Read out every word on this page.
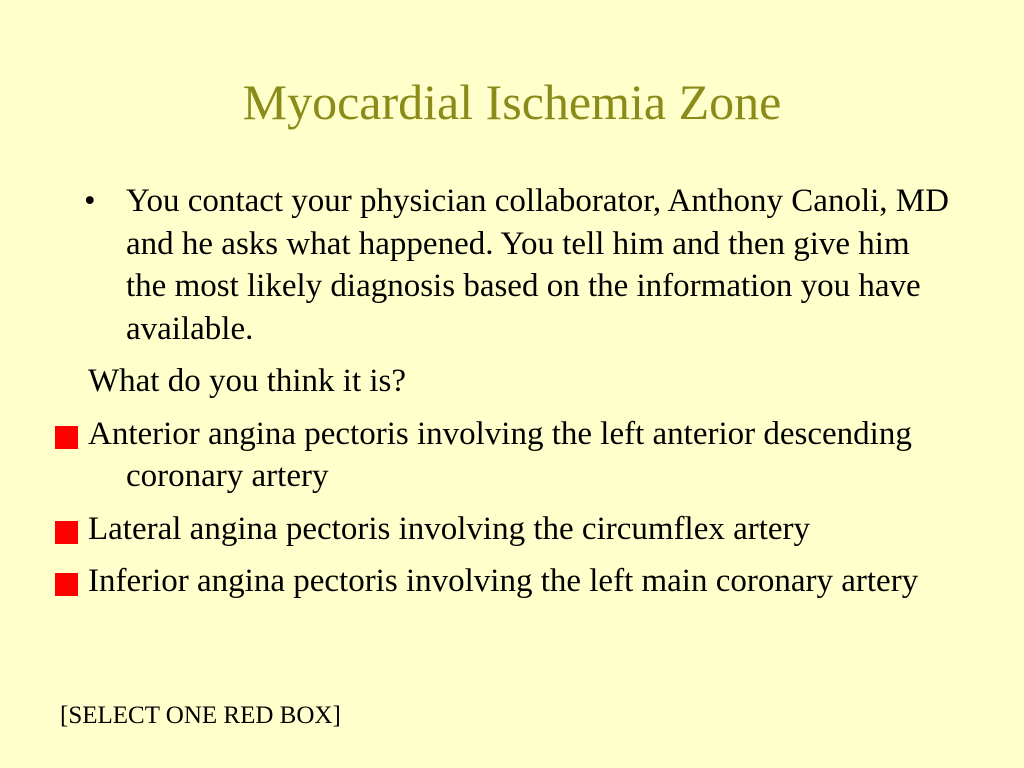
Myocardial Ischemia Zone
• You contact your physician collaborator, Anthony Canoli, MD and he asks what happened. You tell him and then give him the most likely diagnosis based on the information you have available.
What do you think it is?
Anterior angina pectoris involving the left anterior descending coronary artery
Lateral angina pectoris involving the circumflex artery
Inferior angina pectoris involving the left main coronary artery
[SELECT ONE RED BOX]
